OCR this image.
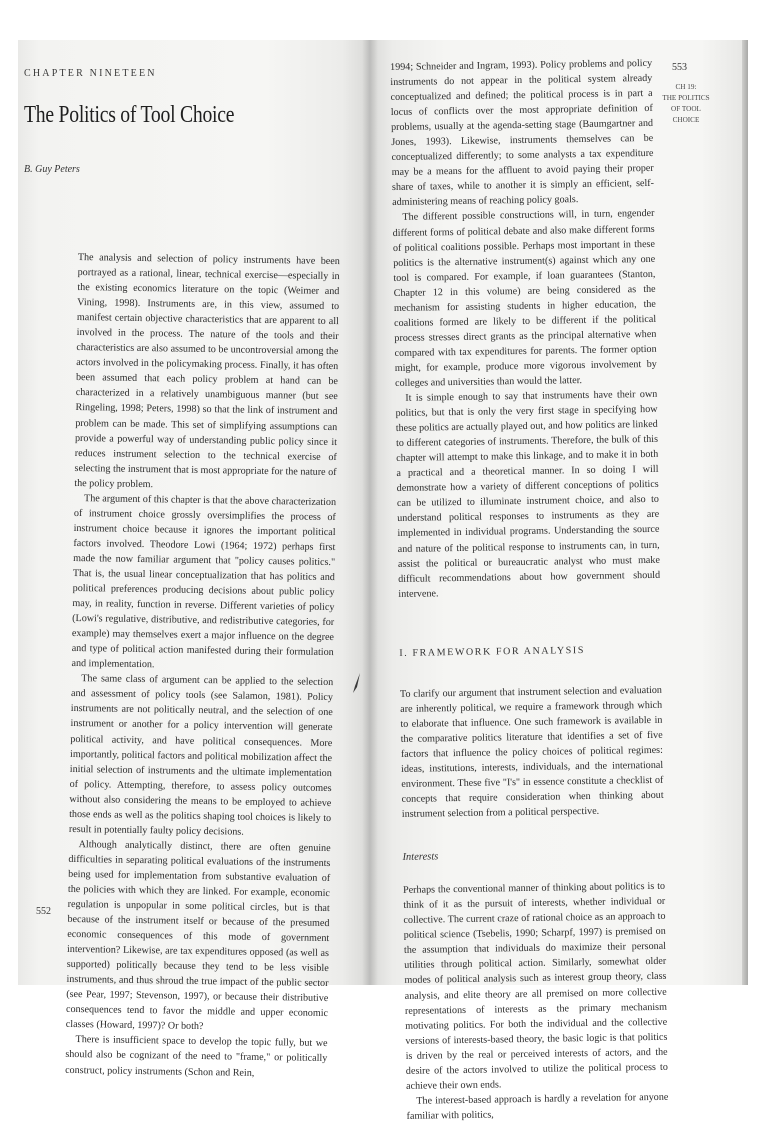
CHAPTER NINETEEN
The Politics of Tool Choice
B. Guy Peters

The analysis and selection of policy instruments have been portrayed as a rational, linear, technical exercise—especially in the existing economics literature on the topic (Weimer and Vining, 1998). Instruments are, in this view, assumed to manifest certain objective characteristics that are apparent to all involved in the process. The nature of the tools and their characteristics are also assumed to be uncontroversial among the actors involved in the policymaking process. Finally, it has often been assumed that each policy problem at hand can be characterized in a relatively unambiguous manner (but see Ringeling, 1998; Peters, 1998) so that the link of instrument and problem can be made. This set of simplifying assumptions can provide a powerful way of understanding public policy since it reduces instrument selection to the technical exercise of selecting the instrument that is most appropriate for the nature of the policy problem.

The argument of this chapter is that the above characterization of instrument choice grossly oversimplifies the process of instrument choice because it ignores the important political factors involved. Theodore Lowi (1964; 1972) perhaps first made the now familiar argument that "policy causes politics." That is, the usual linear conceptualization that has politics and political preferences producing decisions about public policy may, in reality, function in reverse. Different varieties of policy (Lowi's regulative, distributive, and redistributive categories, for example) may themselves exert a major influence on the degree and type of political action manifested during their formulation and implementation.

The same class of argument can be applied to the selection and assessment of policy tools (see Salamon, 1981). Policy instruments are not politically neutral, and the selection of one instrument or another for a policy intervention will generate political activity, and have political consequences. More importantly, political factors and political mobilization affect the initial selection of instruments and the ultimate implementation of policy. Attempting, therefore, to assess policy outcomes without also considering the means to be employed to achieve those ends as well as the politics shaping tool choices is likely to result in potentially faulty policy decisions.

Although analytically distinct, there are often genuine difficulties in separating political evaluations of the instruments being used for implementation from substantive evaluation of the policies with which they are linked. For example, economic regulation is unpopular in some political circles, but is that because of the instrument itself or because of the presumed economic consequences of this mode of government intervention? Likewise, are tax expenditures opposed (as well as supported) politically because they tend to be less visible instruments, and thus shroud the true impact of the public sector (see Pear, 1997; Stevenson, 1997), or because their distributive consequences tend to favor the middle and upper economic classes (Howard, 1997)? Or both?

There is insufficient space to develop the topic fully, but we should also be cognizant of the need to "frame," or politically construct, policy instruments (Schon and Rein,

552
553
CH 19:
THE POLITICS
OF TOOL
CHOICE

1994; Schneider and Ingram, 1993). Policy problems and policy instruments do not appear in the political system already conceptualized and defined; the political process is in part a locus of conflicts over the most appropriate definition of problems, usually at the agenda-setting stage (Baumgartner and Jones, 1993). Likewise, instruments themselves can be conceptualized differently; to some analysts a tax expenditure may be a means for the affluent to avoid paying their proper share of taxes, while to another it is simply an efficient, self-administering means of reaching policy goals.

The different possible constructions will, in turn, engender different forms of political debate and also make different forms of political coalitions possible. Perhaps most important in these politics is the alternative instrument(s) against which any one tool is compared. For example, if loan guarantees (Stanton, Chapter 12 in this volume) are being considered as the mechanism for assisting students in higher education, the coalitions formed are likely to be different if the political process stresses direct grants as the principal alternative when compared with tax expenditures for parents. The former option might, for example, produce more vigorous involvement by colleges and universities than would the latter.

It is simple enough to say that instruments have their own politics, but that is only the very first stage in specifying how these politics are actually played out, and how politics are linked to different categories of instruments. Therefore, the bulk of this chapter will attempt to make this linkage, and to make it in both a practical and a theoretical manner. In so doing I will demonstrate how a variety of different conceptions of politics can be utilized to illuminate instrument choice, and also to understand political responses to instruments as they are implemented in individual programs. Understanding the source and nature of the political response to instruments can, in turn, assist the political or bureaucratic analyst who must make difficult recommendations about how government should intervene.

I. FRAMEWORK FOR ANALYSIS

To clarify our argument that instrument selection and evaluation are inherently political, we require a framework through which to elaborate that influence. One such framework is available in the comparative politics literature that identifies a set of five factors that influence the policy choices of political regimes: ideas, institutions, interests, individuals, and the international environment. These five "I's" in essence constitute a checklist of concepts that require consideration when thinking about instrument selection from a political perspective.

Interests

Perhaps the conventional manner of thinking about politics is to think of it as the pursuit of interests, whether individual or collective. The current craze of rational choice as an approach to political science (Tsebelis, 1990; Scharpf, 1997) is premised on the assumption that individuals do maximize their personal utilities through political action. Similarly, somewhat older modes of political analysis such as interest group theory, class analysis, and elite theory are all premised on more collective representations of interests as the primary mechanism motivating politics. For both the individual and the collective versions of interests-based theory, the basic logic is that politics is driven by the real or perceived interests of actors, and the desire of the actors involved to utilize the political process to achieve their own ends.

The interest-based approach is hardly a revelation for anyone familiar with politics,
